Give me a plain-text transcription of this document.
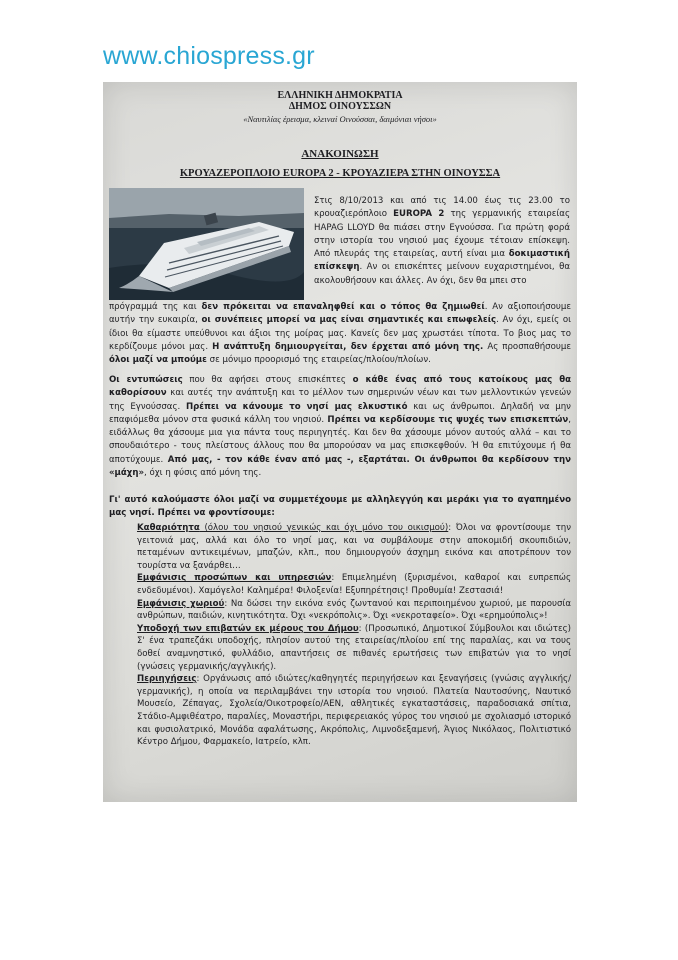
www.chiospress.gr
ΕΛΛΗΝΙΚΗ ΔΗΜΟΚΡΑΤΙΑ
ΔΗΜΟΣ ΟΙΝΟΥΣΣΩΝ
«Ναυτιλίας έρεισμα, κλειναί Οινούσσαι, δαιμόνιαι νήσοι»
ΑΝΑΚΟΙΝΩΣΗ
ΚΡΟΥΑΖΕΡΟΠΛΟΙΟ EUROPA 2 - ΚΡΟΥΑΖΙΕΡΑ ΣΤΗΝ ΟΙΝΟΥΣΣΑ
Στις 8/10/2013 και από τις 14.00 έως τις 23.00 το κρουαζιερόπλοιο EUROPA 2 της γερμανικής εταιρείας HAPAG LLOYD θα πιάσει στην Εγνούσσα. Για πρώτη φορά στην ιστορία του νησιού μας έχουμε τέτοιαν επίσκεψη. Από πλευράς της εταιρείας, αυτή είναι μια δοκιμαστική επίσκεψη. Αν οι επισκέπτες μείνουν ευχαριστημένοι, θα ακολουθήσουν και άλλες. Αν όχι, δεν θα μπει στο
πρόγραμμά της και δεν πρόκειται να επαναληφθεί και ο τόπος θα ζημιωθεί. Αν αξιοποιήσουμε αυτήν την ευκαιρία, οι συνέπειες μπορεί να μας είναι σημαντικές και επωφελείς. Αν όχι, εμείς οι ίδιοι θα είμαστε υπεύθυνοι και άξιοι της μοίρας μας. Κανείς δεν μας χρωστάει τίποτα. Το βιος μας το κερδίζουμε μόνοι μας. Η ανάπτυξη δημιουργείται, δεν έρχεται από μόνη της. Ας προσπαθήσουμε όλοι μαζί να μπούμε σε μόνιμο προορισμό της εταιρείας/πλοίου/πλοίων.
Οι εντυπώσεις που θα αφήσει στους επισκέπτες ο κάθε ένας από τους κατοίκους μας θα καθορίσουν και αυτές την ανάπτυξη και το μέλλον των σημερινών νέων και των μελλοντικών γενεών της Εγνούσσας. Πρέπει να κάνουμε το νησί μας ελκυστικό και ως άνθρωποι. Δηλαδή να μην επαφιόμεθα μόνον στα φυσικά κάλλη του νησιού. Πρέπει να κερδίσουμε τις ψυχές των επισκεπτών, ειδάλλως θα χάσουμε μια για πάντα τους περιηγητές. Και δεν θα χάσουμε μόνον αυτούς αλλά – και το σπουδαιότερο - τους πλείστους άλλους που θα μπορούσαν να μας επισκεφθούν. Ή θα επιτύχουμε ή θα αποτύχουμε. Από μας, - τον κάθε έναν από μας -, εξαρτάται. Οι άνθρωποι θα κερδίσουν την «μάχη», όχι η φύσις από μόνη της.
Γι' αυτό καλούμαστε όλοι μαζί να συμμετέχουμε με αλληλεγγύη και μεράκι για το αγαπημένο μας νησί. Πρέπει να φροντίσουμε:
Καθαριότητα (όλου του νησιού γενικώς και όχι μόνο του οικισμού): Όλοι να φροντίσουμε την γειτονιά μας, αλλά και όλο το νησί μας, και να συμβάλουμε στην αποκομιδή σκουπιδιών, πεταμένων αντικειμένων, μπαζών, κλπ., που δημιουργούν άσχημη εικόνα και αποτρέπουν τον τουρίστα να ξανάρθει…
Εμφάνισις προσώπων και υπηρεσιών: Επιμελημένη (ξυρισμένοι, καθαροί και ευπρεπώς ενδεδυμένοι). Χαμόγελο! Καλημέρα! Φιλοξενία! Εξυπηρέτησις! Προθυμία! Ζεστασιά!
Εμφάνισις χωριού: Να δώσει την εικόνα ενός ζωντανού και περιποιημένου χωριού, με παρουσία ανθρώπων, παιδιών, κινητικότητα. Όχι «νεκρόπολις». Όχι «νεκροταφείο». Όχι «ερημούπολις»!
Υποδοχή των επιβατών εκ μέρους του Δήμου: (Προσωπικό, Δημοτικοί Σύμβουλοι και ιδιώτες) Σ' ένα τραπεζάκι υποδοχής, πλησίον αυτού της εταιρείας/πλοίου επί της παραλίας, και να τους δοθεί αναμνηστικό, φυλλάδιο, απαντήσεις σε πιθανές ερωτήσεις των επιβατών για το νησί (γνώσεις γερμανικής/αγγλικής).
Περιηγήσεις: Οργάνωσις από ιδιώτες/καθηγητές περιηγήσεων και ξεναγήσεις (γνώσις αγγλικής/γερμανικής), η οποία να περιλαμβάνει την ιστορία του νησιού. Πλατεία Ναυτοσύνης, Ναυτικό Μουσείο, Ζέπαγας, Σχολεία/Οικοτροφείο/ΑΕΝ, αθλητικές εγκαταστάσεις, παραδοσιακά σπίτια, Στάδιο-Αμφιθέατρο, παραλίες, Μοναστήρι, περιφερειακός γύρος του νησιού με σχολιασμό ιστορικό και φυσιολατρικό, Μονάδα αφαλάτωσης, Ακρόπολις, Λιμνοδεξαμενή, Άγιος Νικόλαος, Πολιτιστικό Κέντρο Δήμου, Φαρμακείο, Ιατρείο, κλπ.
